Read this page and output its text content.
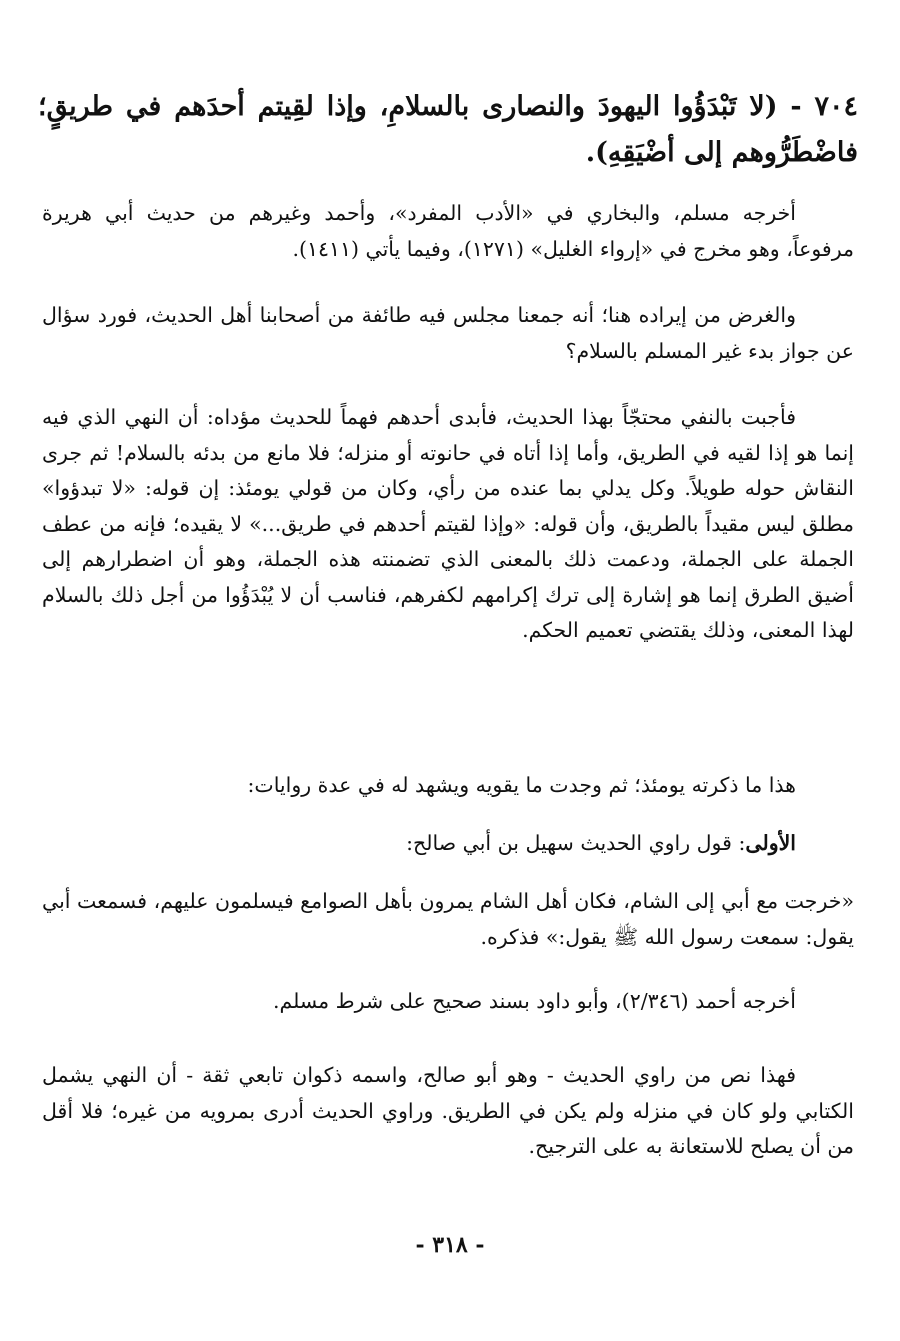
٧٠٤ - (لا تَبْدَؤُوا اليهودَ والنصارى بالسلامِ، وإذا لقِيتم أحدَهم في طريقٍ؛ فاضْطَرُّوهم إلى أضْيَقِهِ).

أخرجه مسلم، والبخاري في «الأدب المفرد»، وأحمد وغيرهم من حديث أبي هريرة مرفوعاً، وهو مخرج في «إرواء الغليل» (١٢٧١)، وفيما يأتي (١٤١١).

والغرض من إيراده هنا؛ أنه جمعنا مجلس فيه طائفة من أصحابنا أهل الحديث، فورد سؤال عن جواز بدء غير المسلم بالسلام؟

فأجبت بالنفي محتجّاً بهذا الحديث، فأبدى أحدهم فهماً للحديث مؤداه: أن النهي الذي فيه إنما هو إذا لقيه في الطريق، وأما إذا أتاه في حانوته أو منزله؛ فلا مانع من بدئه بالسلام! ثم جرى النقاش حوله طويلاً. وكل يدلي بما عنده من رأي، وكان من قولي يومئذ: إن قوله: «لا تبدؤوا» مطلق ليس مقيداً بالطريق، وأن قوله: «وإذا لقيتم أحدهم في طريق...» لا يقيده؛ فإنه من عطف الجملة على الجملة، ودعمت ذلك بالمعنى الذي تضمنته هذه الجملة، وهو أن اضطرارهم إلى أضيق الطرق إنما هو إشارة إلى ترك إكرامهم لكفرهم، فناسب أن لا يُبْدَؤُوا من أجل ذلك بالسلام لهذا المعنى، وذلك يقتضي تعميم الحكم.

هذا ما ذكرته يومئذ؛ ثم وجدت ما يقويه ويشهد له في عدة روايات:

الأولى: قول راوي الحديث سهيل بن أبي صالح:

«خرجت مع أبي إلى الشام، فكان أهل الشام يمرون بأهل الصوامع فيسلمون عليهم، فسمعت أبي يقول: سمعت رسول الله ﷺ يقول:» فذكره.

أخرجه أحمد (٢/٣٤٦)، وأبو داود بسند صحيح على شرط مسلم.

فهذا نص من راوي الحديث - وهو أبو صالح، واسمه ذكوان تابعي ثقة - أن النهي يشمل الكتابي ولو كان في منزله ولم يكن في الطريق. وراوي الحديث أدرى بمرويه من غيره؛ فلا أقل من أن يصلح للاستعانة به على الترجيح.

- ٣١٨ -
